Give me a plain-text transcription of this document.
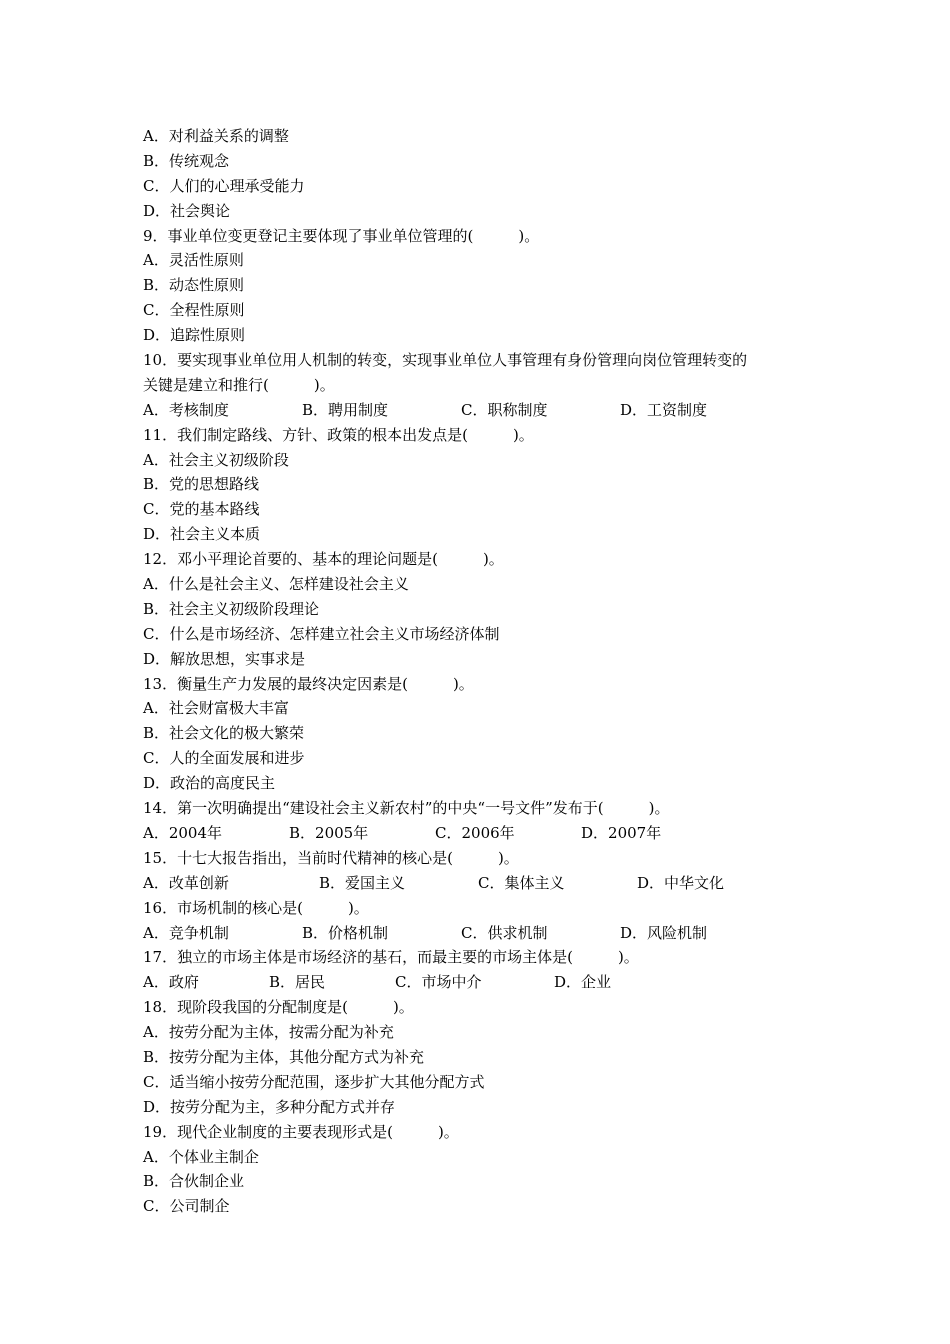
A．对利益关系的调整
B．传统观念
C．人们的心理承受能力
D．社会舆论
9．事业单位变更登记主要体现了事业单位管理的(　　　)。
A．灵活性原则
B．动态性原则
C．全程性原则
D．追踪性原则
10．要实现事业单位用人机制的转变，实现事业单位人事管理有身份管理向岗位管理转变的
关键是建立和推行(　　　)。
A．考核制度	B．聘用制度	C．职称制度	D．工资制度
11．我们制定路线、方针、政策的根本出发点是(　　　)。
A．社会主义初级阶段
B．党的思想路线
C．党的基本路线
D．社会主义本质
12．邓小平理论首要的、基本的理论问题是(　　　)。
A．什么是社会主义、怎样建设社会主义
B．社会主义初级阶段理论
C．什么是市场经济、怎样建立社会主义市场经济体制
D．解放思想，实事求是
13．衡量生产力发展的最终决定因素是(　　　)。
A．社会财富极大丰富
B．社会文化的极大繁荣
C．人的全面发展和进步
D．政治的高度民主
14．第一次明确提出“建设社会主义新农村”的中央“一号文件”发布于(　　　)。
A．2004年	B．2005年	C．2006年	D．2007年
15．十七大报告指出，当前时代精神的核心是(　　　)。
A．改革创新	B．爱国主义	C．集体主义	D．中华文化
16．市场机制的核心是(　　　)。
A．竞争机制	B．价格机制	C．供求机制	D．风险机制
17．独立的市场主体是市场经济的基石，而最主要的市场主体是(　　　)。
A．政府	B．居民	C．市场中介	D．企业
18．现阶段我国的分配制度是(　　　)。
A．按劳分配为主体，按需分配为补充
B．按劳分配为主体，其他分配方式为补充
C．适当缩小按劳分配范围，逐步扩大其他分配方式
D．按劳分配为主，多种分配方式并存
19．现代企业制度的主要表现形式是(　　　)。
A．个体业主制企
B．合伙制企业
C．公司制企
